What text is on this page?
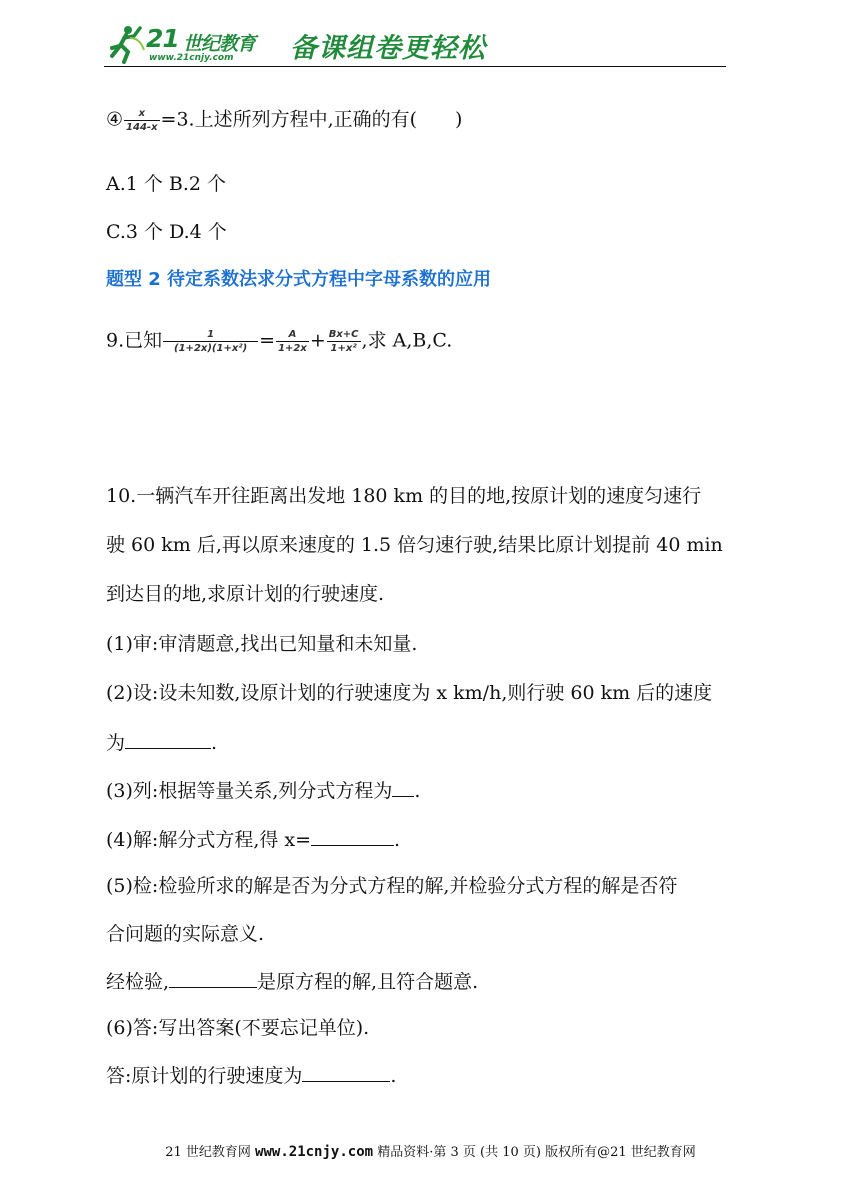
21 世纪教育
www.21cnjy.com 备课组卷更轻松
④ $\frac{x}{144-x} =3$.上述所列方程中,正确的有(  )
A.1 个 B.2 个
C.3 个 D.4 个
题型 2 待定系数法求分式方程中字母系数的应用
9.已知 $\frac{1}{\text{(1+2x)(1+x²)}} = \frac{A}{1+2x} + \frac{Bx+C}{\text{1+x²}}$ ,求 A,B,C.
10.一辆汽车开往距离出发地 180 km 的目的地,按原计划的速度匀速行
驶 60 km 后,再以原来速度的 1.5 倍匀速行驶,结果比原计划提前 40 min
到达目的地,求原计划的行驶速度.
(1)审:审清题意,找出已知量和未知量.
(2)设:设未知数,设原计划的行驶速度为 x km/h,则行驶 60 km 后的速度
为	.
(3)列:根据等量关系,列分式方程为 .
(4)解:解分式方程,得 x=	.
(5)检:检验所求的解是否为分式方程的解,并检验分式方程的解是否符
合问题的实际意义.
经检验,	是原方程的解,且符合题意.
(6)答:写出答案(不要忘记单位).
答:原计划的行驶速度为	.
21 世纪教育网 www.21cnjy.com 精品资料·第 3 页 (共 10 页) 版权所有@21 世纪教育网
